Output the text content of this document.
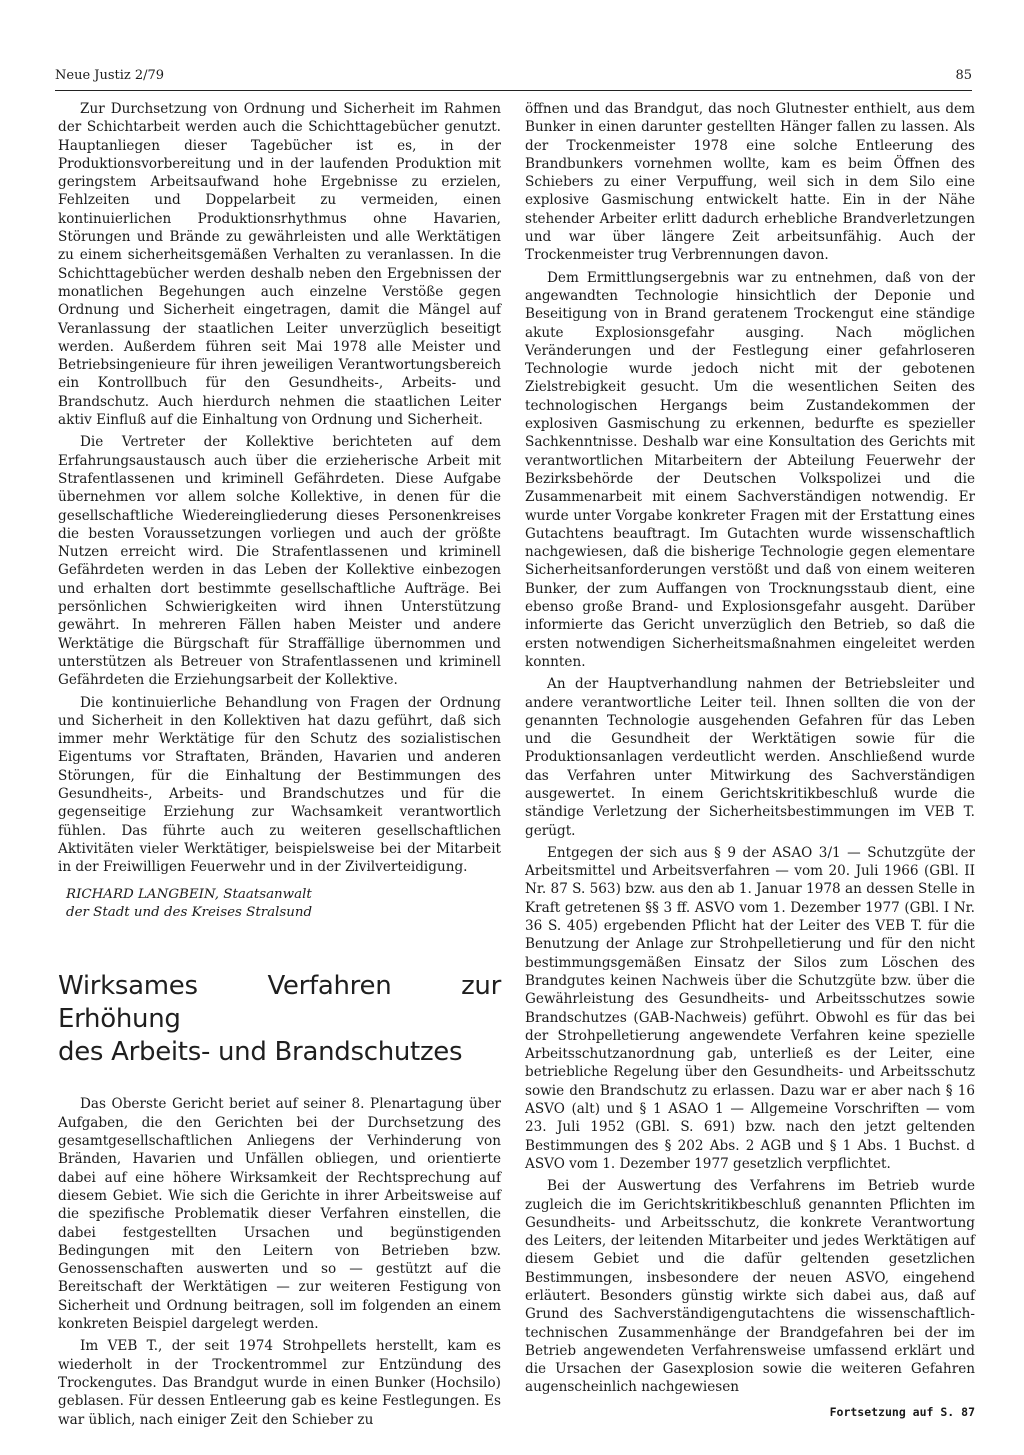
Neue Justiz 2/79	85

Zur Durchsetzung von Ordnung und Sicherheit im Rahmen der Schichtarbeit werden auch die Schichttagebücher genutzt. Hauptanliegen dieser Tagebücher ist es, in der Produktionsvorbereitung und in der laufenden Produktion mit geringstem Arbeitsaufwand hohe Ergebnisse zu erzielen, Fehlzeiten und Doppelarbeit zu vermeiden, einen kontinuierlichen Produktionsrhythmus ohne Havarien, Störungen und Brände zu gewährleisten und alle Werktätigen zu einem sicherheitsgemäßen Verhalten zu veranlassen. In die Schichttagebücher werden deshalb neben den Ergebnissen der monatlichen Begehungen auch einzelne Verstöße gegen Ordnung und Sicherheit eingetragen, damit die Mängel auf Veranlassung der staatlichen Leiter unverzüglich beseitigt werden. Außerdem führen seit Mai 1978 alle Meister und Betriebsingenieure für ihren jeweiligen Verantwortungsbereich ein Kontrollbuch für den Gesundheits-, Arbeits- und Brandschutz. Auch hierdurch nehmen die staatlichen Leiter aktiv Einfluß auf die Einhaltung von Ordnung und Sicherheit.

Die Vertreter der Kollektive berichteten auf dem Erfahrungsaustausch auch über die erzieherische Arbeit mit Strafentlassenen und kriminell Gefährdeten. Diese Aufgabe übernehmen vor allem solche Kollektive, in denen für die gesellschaftliche Wiedereingliederung dieses Personenkreises die besten Voraussetzungen vorliegen und auch der größte Nutzen erreicht wird. Die Strafentlassenen und kriminell Gefährdeten werden in das Leben der Kollektive einbezogen und erhalten dort bestimmte gesellschaftliche Aufträge. Bei persönlichen Schwierigkeiten wird ihnen Unterstützung gewährt. In mehreren Fällen haben Meister und andere Werktätige die Bürgschaft für Straffällige übernommen und unterstützen als Betreuer von Strafentlassenen und kriminell Gefährdeten die Erziehungsarbeit der Kollektive.

Die kontinuierliche Behandlung von Fragen der Ordnung und Sicherheit in den Kollektiven hat dazu geführt, daß sich immer mehr Werktätige für den Schutz des sozialistischen Eigentums vor Straftaten, Bränden, Havarien und anderen Störungen, für die Einhaltung der Bestimmungen des Gesundheits-, Arbeits- und Brandschutzes und für die gegenseitige Erziehung zur Wachsamkeit verantwortlich fühlen. Das führte auch zu weiteren gesellschaftlichen Aktivitäten vieler Werktätiger, beispielsweise bei der Mitarbeit in der Freiwilligen Feuerwehr und in der Zivilverteidigung.

RICHARD LANGBEIN, Staatsanwalt
der Stadt und des Kreises Stralsund
Wirksames Verfahren zur Erhöhung
des Arbeits- und Brandschutzes

Das Oberste Gericht beriet auf seiner 8. Plenartagung über Aufgaben, die den Gerichten bei der Durchsetzung des gesamtgesellschaftlichen Anliegens der Verhinderung von Bränden, Havarien und Unfällen obliegen, und orientierte dabei auf eine höhere Wirksamkeit der Rechtsprechung auf diesem Gebiet. Wie sich die Gerichte in ihrer Arbeitsweise auf die spezifische Problematik dieser Verfahren einstellen, die dabei festgestellten Ursachen und begünstigenden Bedingungen mit den Leitern von Betrieben bzw. Genossenschaften auswerten und so — gestützt auf die Bereitschaft der Werktätigen — zur weiteren Festigung von Sicherheit und Ordnung beitragen, soll im folgenden an einem konkreten Beispiel dargelegt werden.

Im VEB T., der seit 1974 Strohpellets herstellt, kam es wiederholt in der Trockentrommel zur Entzündung des Trockengutes. Das Brandgut wurde in einen Bunker (Hochsilo) geblasen. Für dessen Entleerung gab es keine Festlegungen. Es war üblich, nach einiger Zeit den Schieber zu

öffnen und das Brandgut, das noch Glutnester enthielt, aus dem Bunker in einen darunter gestellten Hänger fallen zu lassen. Als der Trockenmeister 1978 eine solche Entleerung des Brandbunkers vornehmen wollte, kam es beim Öffnen des Schiebers zu einer Verpuffung, weil sich in dem Silo eine explosive Gasmischung entwickelt hatte. Ein in der Nähe stehender Arbeiter erlitt dadurch erhebliche Brandverletzungen und war über längere Zeit arbeitsunfähig. Auch der Trockenmeister trug Verbrennungen davon.

Dem Ermittlungsergebnis war zu entnehmen, daß von der angewandten Technologie hinsichtlich der Deponie und Beseitigung von in Brand geratenem Trockengut eine ständige akute Explosionsgefahr ausging. Nach möglichen Veränderungen und der Festlegung einer gefahrloseren Technologie wurde jedoch nicht mit der gebotenen Zielstrebigkeit gesucht. Um die wesentlichen Seiten des technologischen Hergangs beim Zustandekommen der explosiven Gasmischung zu erkennen, bedurfte es spezieller Sachkenntnisse. Deshalb war eine Konsultation des Gerichts mit verantwortlichen Mitarbeitern der Abteilung Feuerwehr der Bezirksbehörde der Deutschen Volkspolizei und die Zusammenarbeit mit einem Sachverständigen notwendig. Er wurde unter Vorgabe konkreter Fragen mit der Erstattung eines Gutachtens beauftragt. Im Gutachten wurde wissenschaftlich nachgewiesen, daß die bisherige Technologie gegen elementare Sicherheitsanforderungen verstößt und daß von einem weiteren Bunker, der zum Auffangen von Trocknungsstaub dient, eine ebenso große Brand- und Explosionsgefahr ausgeht. Darüber informierte das Gericht unverzüglich den Betrieb, so daß die ersten notwendigen Sicherheitsmaßnahmen eingeleitet werden konnten.

An der Hauptverhandlung nahmen der Betriebsleiter und andere verantwortliche Leiter teil. Ihnen sollten die von der genannten Technologie ausgehenden Gefahren für das Leben und die Gesundheit der Werktätigen sowie für die Produktionsanlagen verdeutlicht werden. Anschließend wurde das Verfahren unter Mitwirkung des Sachverständigen ausgewertet. In einem Gerichtskritikbeschluß wurde die ständige Verletzung der Sicherheitsbestimmungen im VEB T. gerügt.

Entgegen der sich aus § 9 der ASAO 3/1 — Schutzgüte der Arbeitsmittel und Arbeitsverfahren — vom 20. Juli 1966 (GBl. II Nr. 87 S. 563) bzw. aus den ab 1. Januar 1978 an dessen Stelle in Kraft getretenen §§ 3 ff. ASVO vom 1. Dezember 1977 (GBl. I Nr. 36 S. 405) ergebenden Pflicht hat der Leiter des VEB T. für die Benutzung der Anlage zur Strohpelletierung und für den nicht bestimmungsgemäßen Einsatz der Silos zum Löschen des Brandgutes keinen Nachweis über die Schutzgüte bzw. über die Gewährleistung des Gesundheits- und Arbeitsschutzes sowie Brandschutzes (GAB-Nachweis) geführt. Obwohl es für das bei der Strohpelletierung angewendete Verfahren keine spezielle Arbeitsschutzanordnung gab, unterließ es der Leiter, eine betriebliche Regelung über den Gesundheits- und Arbeitsschutz sowie den Brandschutz zu erlassen. Dazu war er aber nach § 16 ASVO (alt) und § 1 ASAO 1 — Allgemeine Vorschriften — vom 23. Juli 1952 (GBl. S. 691) bzw. nach den jetzt geltenden Bestimmungen des § 202 Abs. 2 AGB und § 1 Abs. 1 Buchst. d ASVO vom 1. Dezember 1977 gesetzlich verpflichtet.

Bei der Auswertung des Verfahrens im Betrieb wurde zugleich die im Gerichtskritikbeschluß genannten Pflichten im Gesundheits- und Arbeitsschutz, die konkrete Verantwortung des Leiters, der leitenden Mitarbeiter und jedes Werktätigen auf diesem Gebiet und die dafür geltenden gesetzlichen Bestimmungen, insbesondere der neuen ASVO, eingehend erläutert. Besonders günstig wirkte sich dabei aus, daß auf Grund des Sachverständigengutachtens die wissenschaftlich-technischen Zusammenhänge der Brandgefahren bei der im Betrieb angewendeten Verfahrensweise umfassend erklärt und die Ursachen der Gasexplosion sowie die weiteren Gefahren augenscheinlich nachgewiesen

Fortsetzung auf S. 87
